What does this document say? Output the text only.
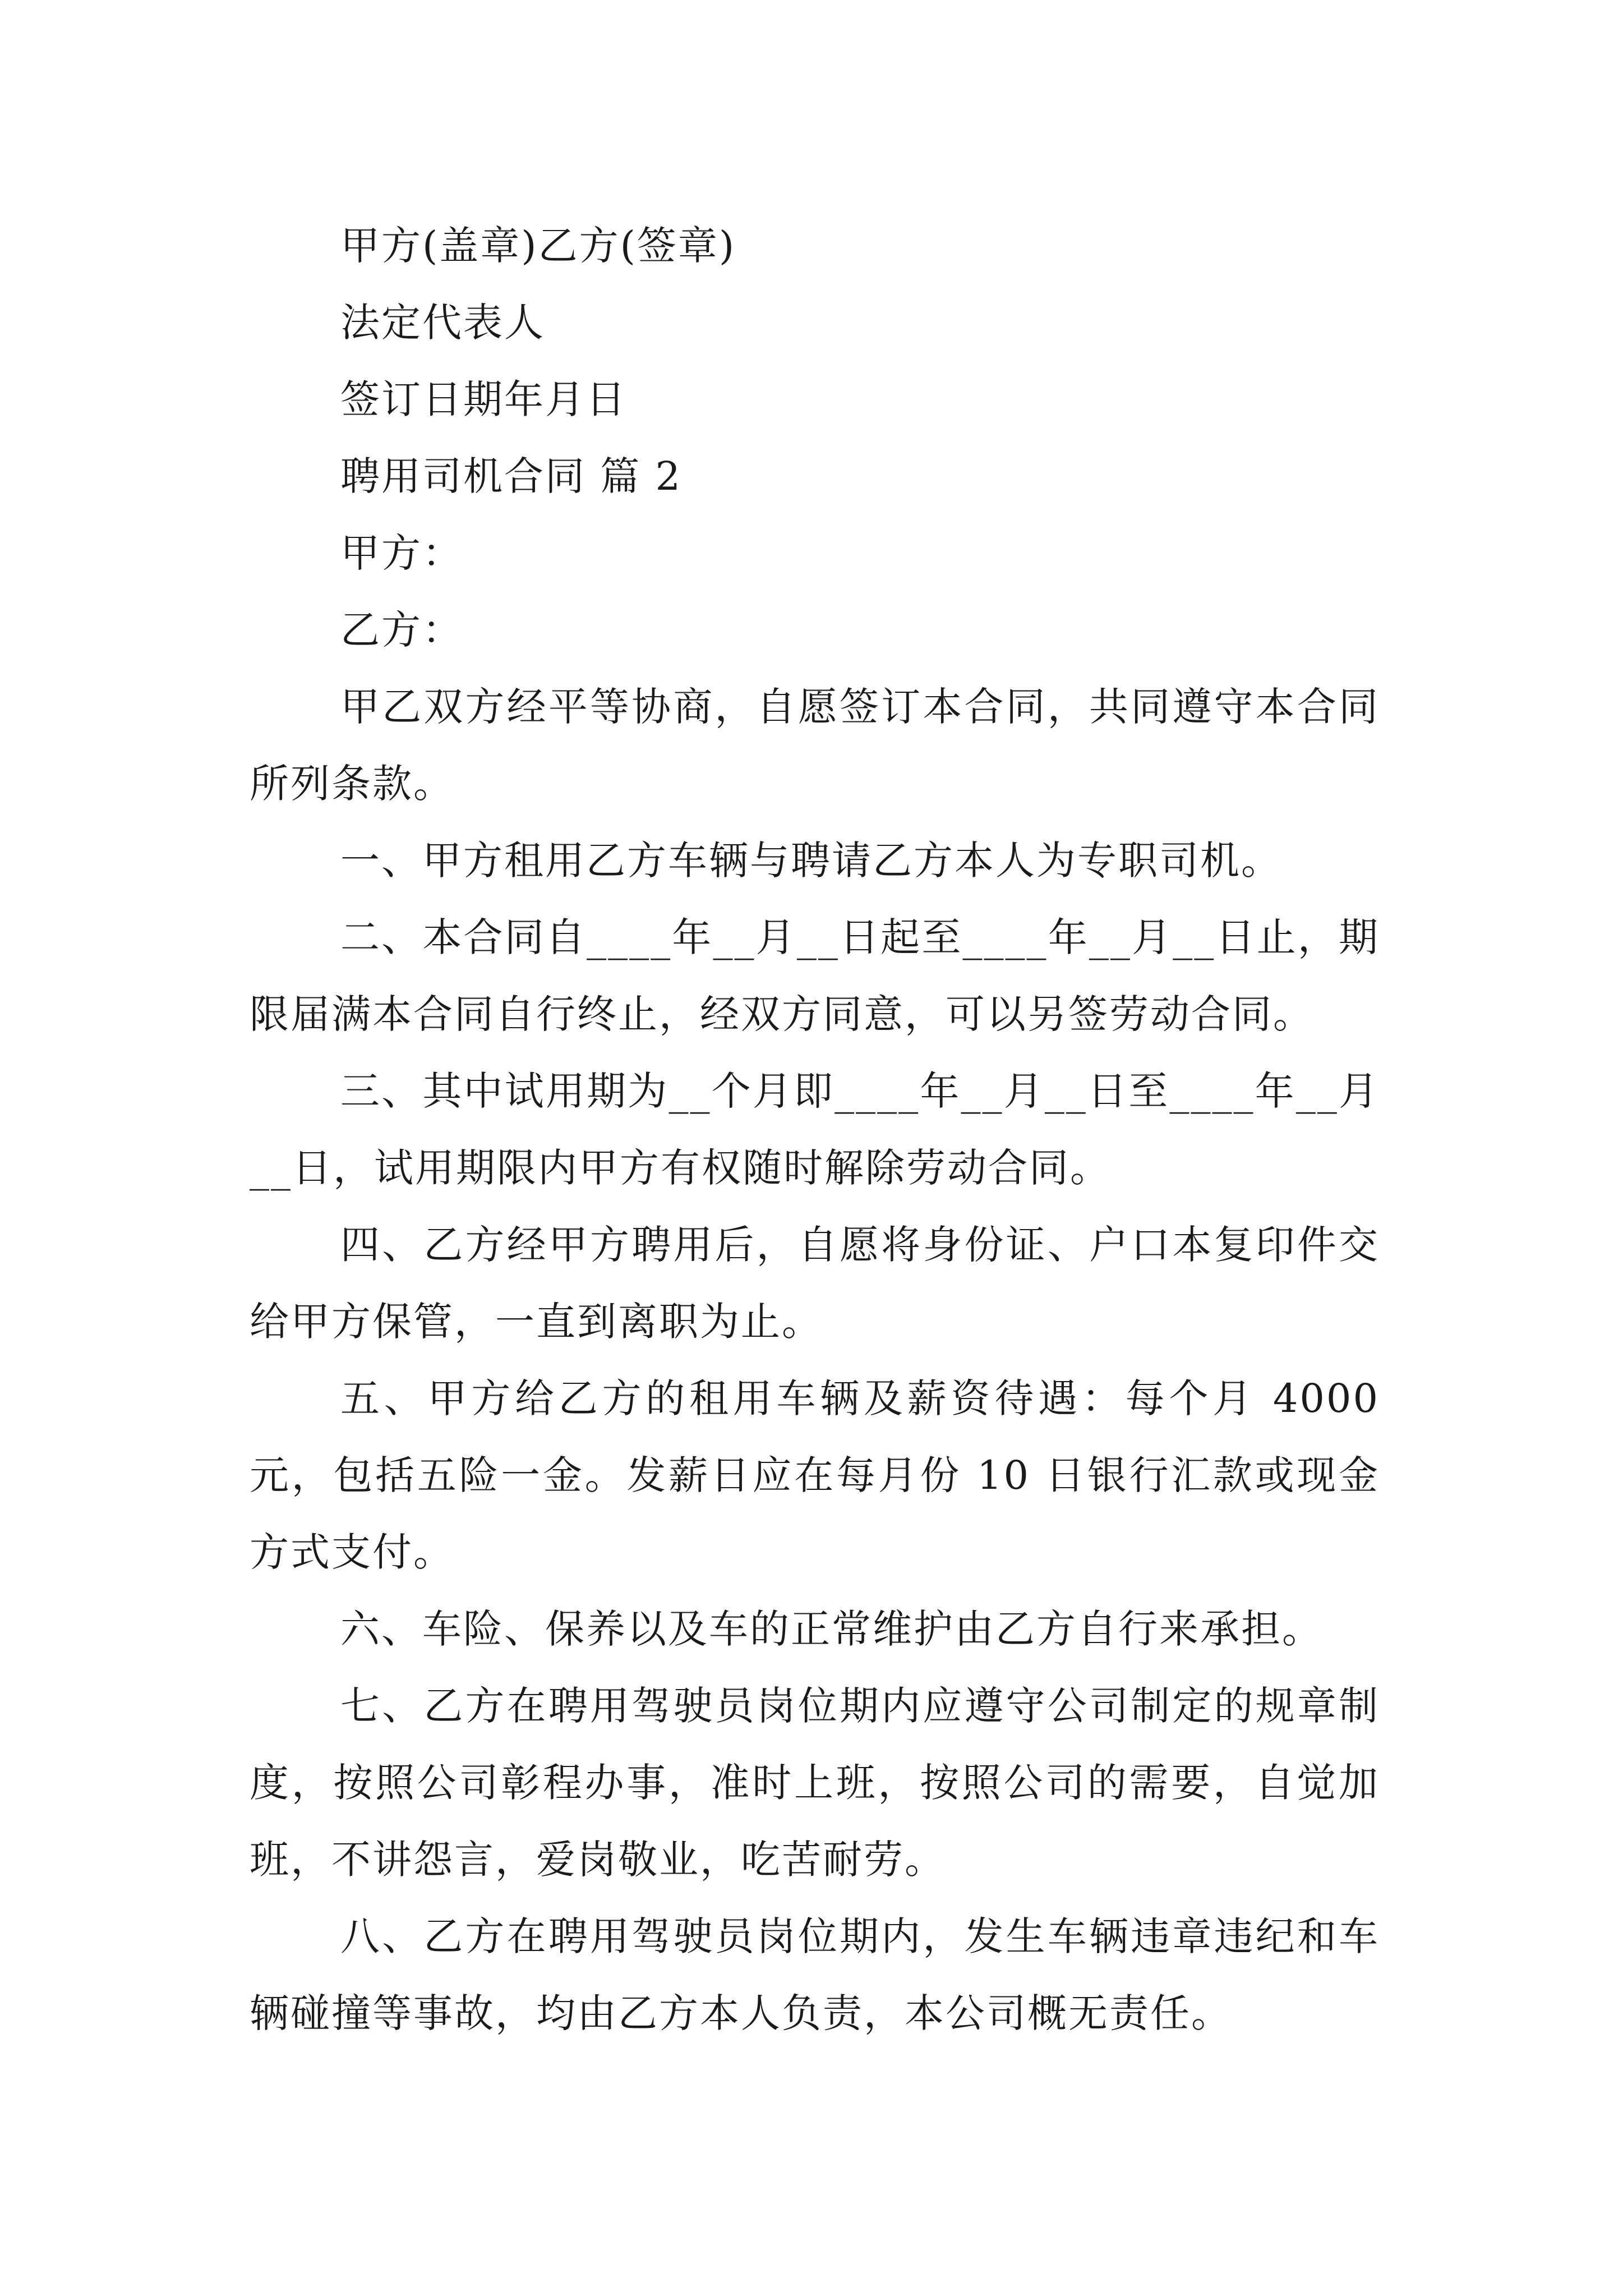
甲方(盖章)乙方(签章)

法定代表人

签订日期年月日

聘用司机合同 篇 2

甲方：

乙方：

甲乙双方经平等协商，自愿签订本合同，共同遵守本合同所列条款。

一、甲方租用乙方车辆与聘请乙方本人为专职司机。

二、本合同自____年__月__日起至____年__月__日止，期限届满本合同自行终止，经双方同意，可以另签劳动合同。

三、其中试用期为__个月即____年__月__日至____年__月__日，试用期限内甲方有权随时解除劳动合同。

四、乙方经甲方聘用后，自愿将身份证、户口本复印件交给甲方保管，一直到离职为止。

五、甲方给乙方的租用车辆及薪资待遇：每个月 4000 元，包括五险一金。发薪日应在每月份 10 日银行汇款或现金方式支付。

六、车险、保养以及车的正常维护由乙方自行来承担。

七、乙方在聘用驾驶员岗位期内应遵守公司制定的规章制度，按照公司彰程办事，准时上班，按照公司的需要，自觉加班，不讲怨言，爱岗敬业，吃苦耐劳。

八、乙方在聘用驾驶员岗位期内，发生车辆违章违纪和车辆碰撞等事故，均由乙方本人负责，本公司概无责任。
